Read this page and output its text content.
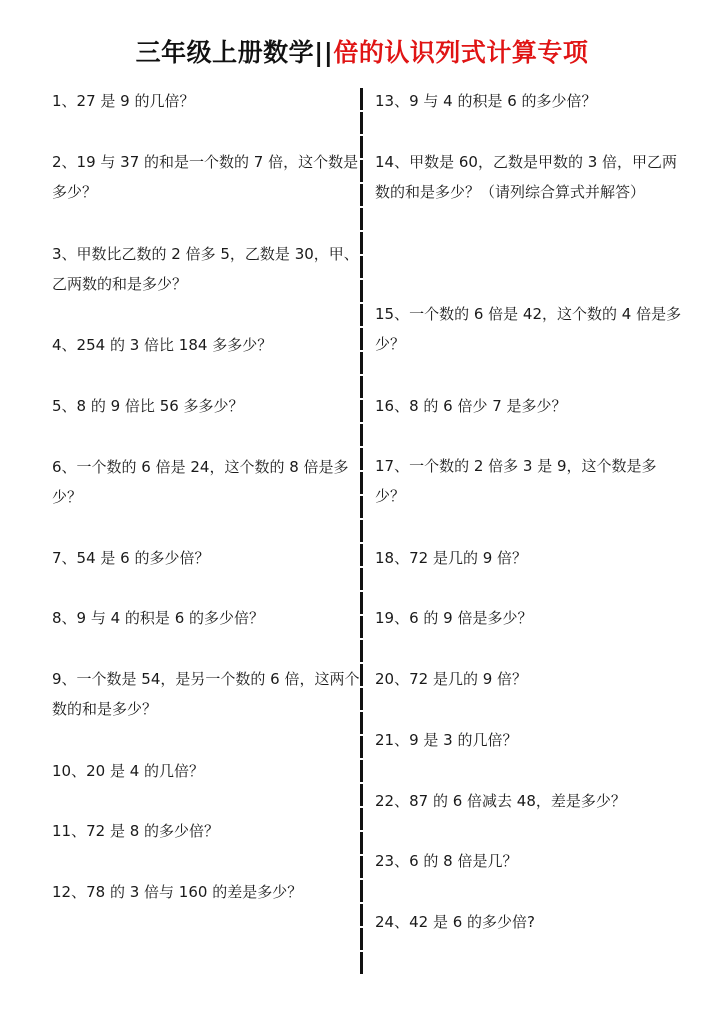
三年级上册数学||倍的认识列式计算专项
1、27 是 9 的几倍？
2、19 与 37 的和是一个数的 7 倍，这个数是多少？
3、甲数比乙数的 2 倍多 5，乙数是 30，甲、乙两数的和是多少？
4、254 的 3 倍比 184 多多少？
5、8 的 9 倍比 56 多多少？
6、一个数的 6 倍是 24，这个数的 8 倍是多少？
7、54 是 6 的多少倍？
8、9 与 4 的积是 6 的多少倍？
9、一个数是 54，是另一个数的 6 倍，这两个数的和是多少？
10、20 是 4 的几倍？
11、72 是 8 的多少倍？
12、78 的 3 倍与 160 的差是多少？
13、9 与 4 的积是 6 的多少倍？
14、甲数是 60，乙数是甲数的 3 倍，甲乙两数的和是多少？（请列综合算式并解答）
15、一个数的 6 倍是 42，这个数的 4 倍是多少？
16、8 的 6 倍少 7 是多少？
17、一个数的 2 倍多 3 是 9，这个数是多少？
18、72 是几的 9 倍？
19、6 的 9 倍是多少？
20、72 是几的 9 倍？
21、9 是 3 的几倍？
22、87 的 6 倍减去 48，差是多少？
23、6 的 8 倍是几？
24、42 是 6 的多少倍?
